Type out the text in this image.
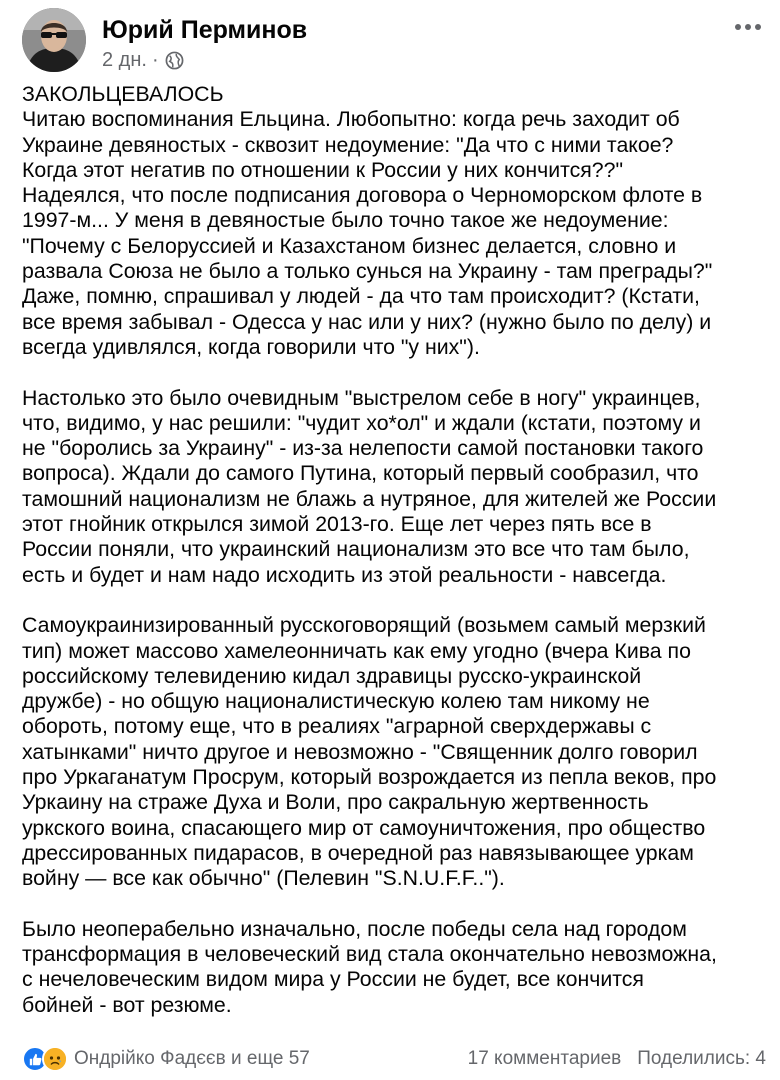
Юрий Перминов
2 дн. ·

ЗАКОЛЬЦЕВАЛОСЬ
Читаю воспоминания Ельцина. Любопытно: когда речь заходит об
Украине девяностых - сквозит недоумение: "Да что с ними такое?
Когда этот негатив по отношении к России у них кончится??"
Надеялся, что после подписания договора о Черноморском флоте в
1997-м... У меня в девяностые было точно такое же недоумение:
"Почему с Белоруссией и Казахстаном бизнес делается, словно и
развала Союза не было а только сунься на Украину - там преграды?"
Даже, помню, спрашивал у людей - да что там происходит? (Кстати,
все время забывал - Одесса у нас или у них? (нужно было по делу) и
всегда удивлялся, когда говорили что "у них").

Настолько это было очевидным "выстрелом себе в ногу" украинцев,
что, видимо, у нас решили: "чудит хо*ол" и ждали (кстати, поэтому и
не "боролись за Украину" - из-за нелепости самой постановки такого
вопроса). Ждали до самого Путина, который первый сообразил, что
тамошний национализм не блажь а нутряное, для жителей же России
этот гнойник открылся зимой 2013-го. Еще лет через пять все в
России поняли, что украинский национализм это все что там было,
есть и будет и нам надо исходить из этой реальности - навсегда.

Самоукраинизированный русскоговорящий (возьмем самый мерзкий
тип) может массово хамелеонничать как ему угодно (вчера Кива по
российскому телевидению кидал здравицы русско-украинской
дружбе) - но общую националистическую колею там никому не
обороть, потому еще, что в реалиях "аграрной сверхдержавы с
хатынками" ничто другое и невозможно - "Священник долго говорил
про Уркаганатум Просрум, который возрождается из пепла веков, про
Уркаину на страже Духа и Воли, про сакральную жертвенность
уркского воина, спасающего мир от самоуничтожения, про общество
дрессированных пидарасов, в очередной раз навязывающее уркам
войну — все как обычно" (Пелевин "S.N.U.F.F..").

Было неоперабельно изначально, после победы села над городом
трансформация в человеческий вид стала окончательно невозможна,
с нечеловеческим видом мира у России не будет, все кончится
бойней - вот резюме.

Ондрійко Фадєєв и еще 57	17 комментариев Поделились: 4
